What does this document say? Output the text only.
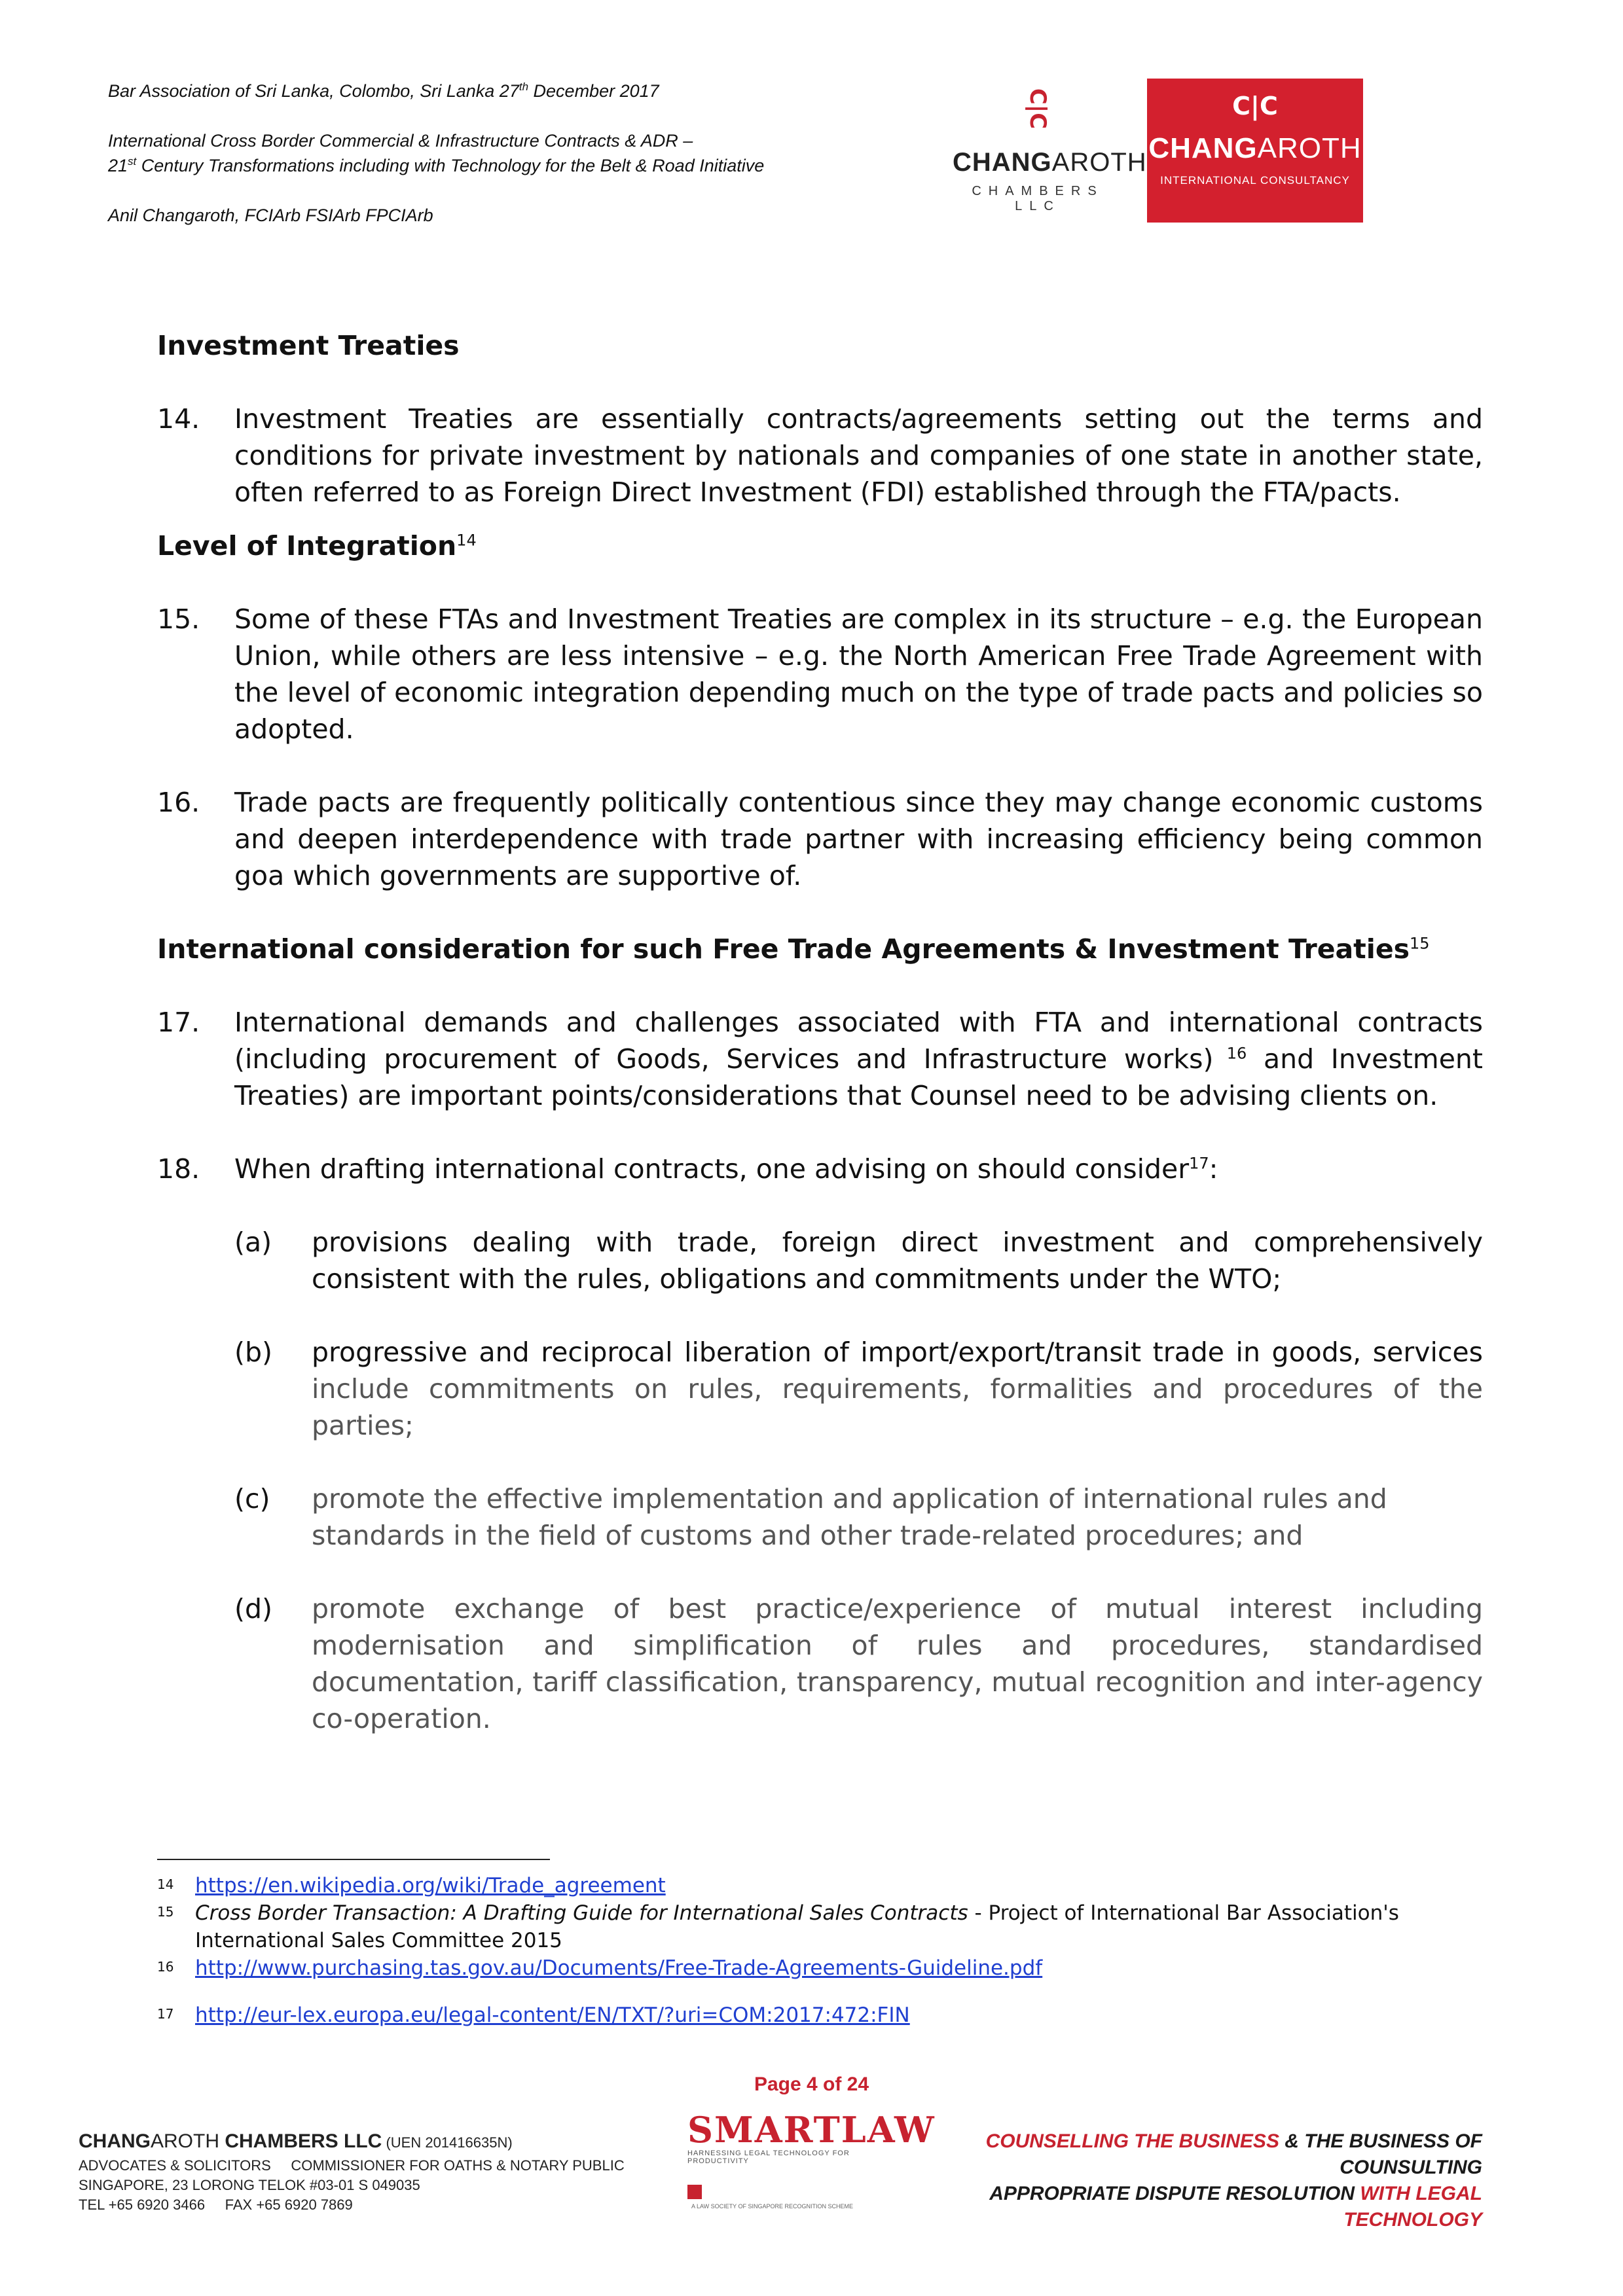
Bar Association of Sri Lanka, Colombo, Sri Lanka 27th December 2017

International Cross Border Commercial & Infrastructure Contracts & ADR –

21st Century Transformations including with Technology for the Belt & Road Initiative

Anil Changaroth, FCIArb FSIArb FPCIArb

C|C
CHANGAROTH
CHAMBERS LLC
C|C
CHANGAROTH
INTERNATIONAL CONSULTANCY

Investment Treaties

14. Investment Treaties are essentially contracts/agreements setting out the terms and conditions for private investment by nationals and companies of one state in another state, often referred to as Foreign Direct Investment (FDI) established through the FTA/pacts.

Level of Integration$^{14}$

15. Some of these FTAs and Investment Treaties are complex in its structure – e.g. the European Union, while others are less intensive – e.g. the North American Free Trade Agreement with the level of economic integration depending much on the type of trade pacts and policies so adopted.
16. Trade pacts are frequently politically contentious since they may change economic customs and deepen interdependence with trade partner with increasing efficiency being common goa which governments are supportive of.

International consideration for such Free Trade Agreements & Investment Treaties$^{15}$

17. International demands and challenges associated with FTA and international contracts (including procurement of Goods, Services and Infrastructure works) $^{16}$ and Investment Treaties) are important points/considerations that Counsel need to be advising clients on.
18. When drafting international contracts, one advising on should consider$^{17}$:
(a) provisions dealing with trade, foreign direct investment and comprehensively consistent with the rules, obligations and commitments under the WTO;
(b) progressive and reciprocal liberation of import/export/transit trade in goods, services include commitments on rules, requirements, formalities and procedures of the parties;
(c) promote the effective implementation and application of international rules and standards in the field of customs and other trade-related procedures; and
(d) promote exchange of best practice/experience of mutual interest including modernisation and simplification of rules and procedures, standardised documentation, tariff classification, transparency, mutual recognition and inter-agency co-operation.
14 https://en.wikipedia.org/wiki/Trade_agreement
15 Cross Border Transaction: A Drafting Guide for International Sales Contracts - Project of International Bar Association's International Sales Committee 2015
16 http://www.purchasing.tas.gov.au/Documents/Free-Trade-Agreements-Guideline.pdf
17 http://eur-lex.europa.eu/legal-content/EN/TXT/?uri=COM:2017:472:FIN
Page 4 of 24
CHANGAROTH CHAMBERS LLC (UEN 201416635N)
ADVOCATES & SOLICITORS     COMMISSIONER FOR OATHS & NOTARY PUBLIC
SINGAPORE, 23 LORONG TELOK #03-01 S 049035
TEL +65 6920 3466     FAX +65 6920 7869
SMARTLAW
HARNESSING LEGAL TECHNOLOGY FOR PRODUCTIVITY
A LAW SOCIETY OF SINGAPORE RECOGNITION SCHEME
COUNSELLING THE BUSINESS & THE BUSINESS OF COUNSULTING
APPROPRIATE DISPUTE RESOLUTION WITH LEGAL TECHNOLOGY
